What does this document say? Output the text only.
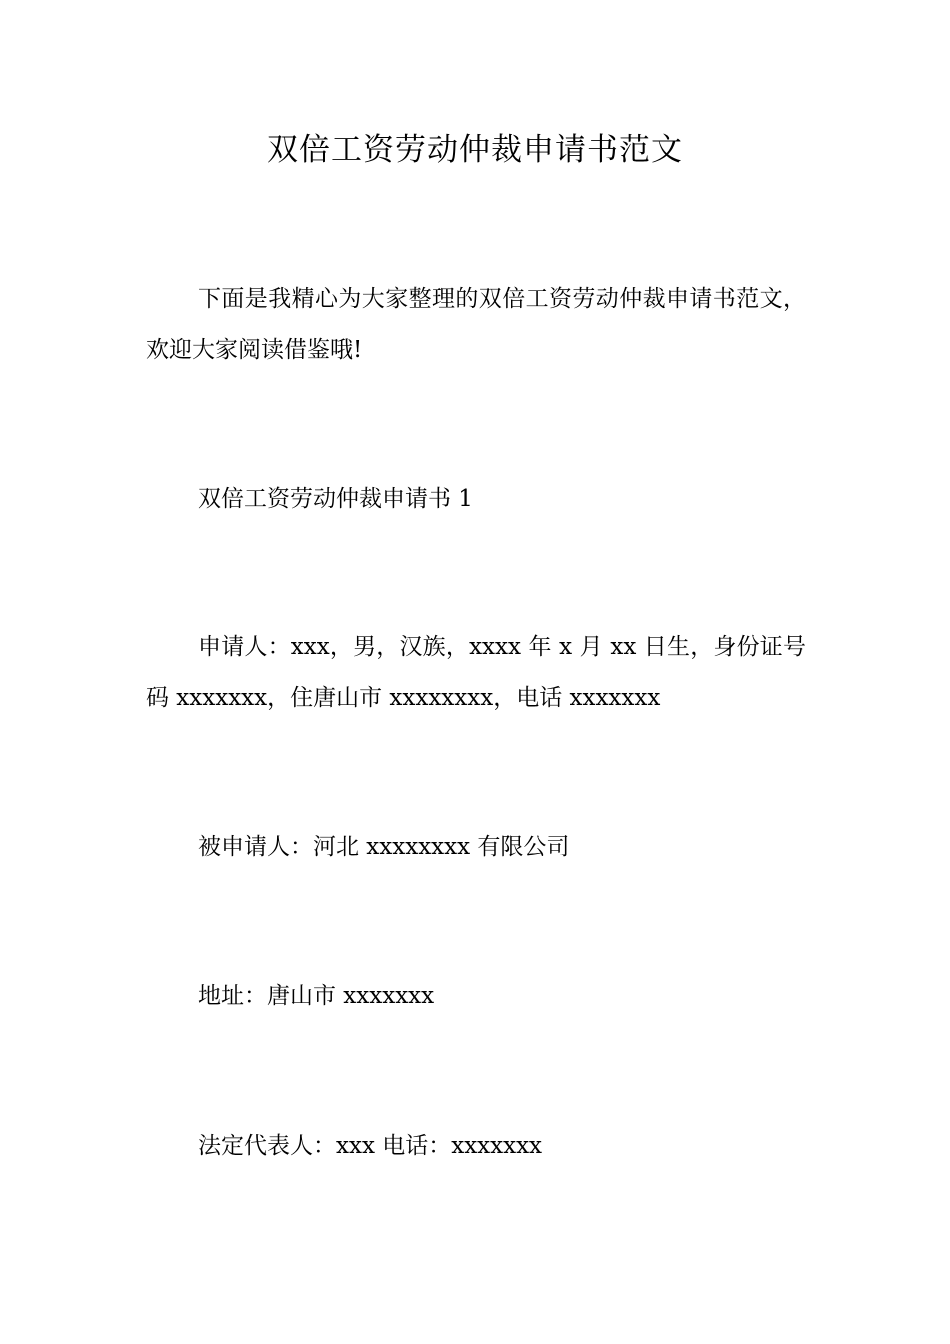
双倍工资劳动仲裁申请书范文

下面是我精心为大家整理的双倍工资劳动仲裁申请书范文，欢迎大家阅读借鉴哦!

双倍工资劳动仲裁申请书 1

申请人：xxx，男，汉族，xxxx 年 x 月 xx 日生，身份证号码 xxxxxxx，住唐山市 xxxxxxxx，电话 xxxxxxx

被申请人：河北 xxxxxxxx 有限公司

地址：唐山市 xxxxxxx

法定代表人：xxx 电话：xxxxxxx
